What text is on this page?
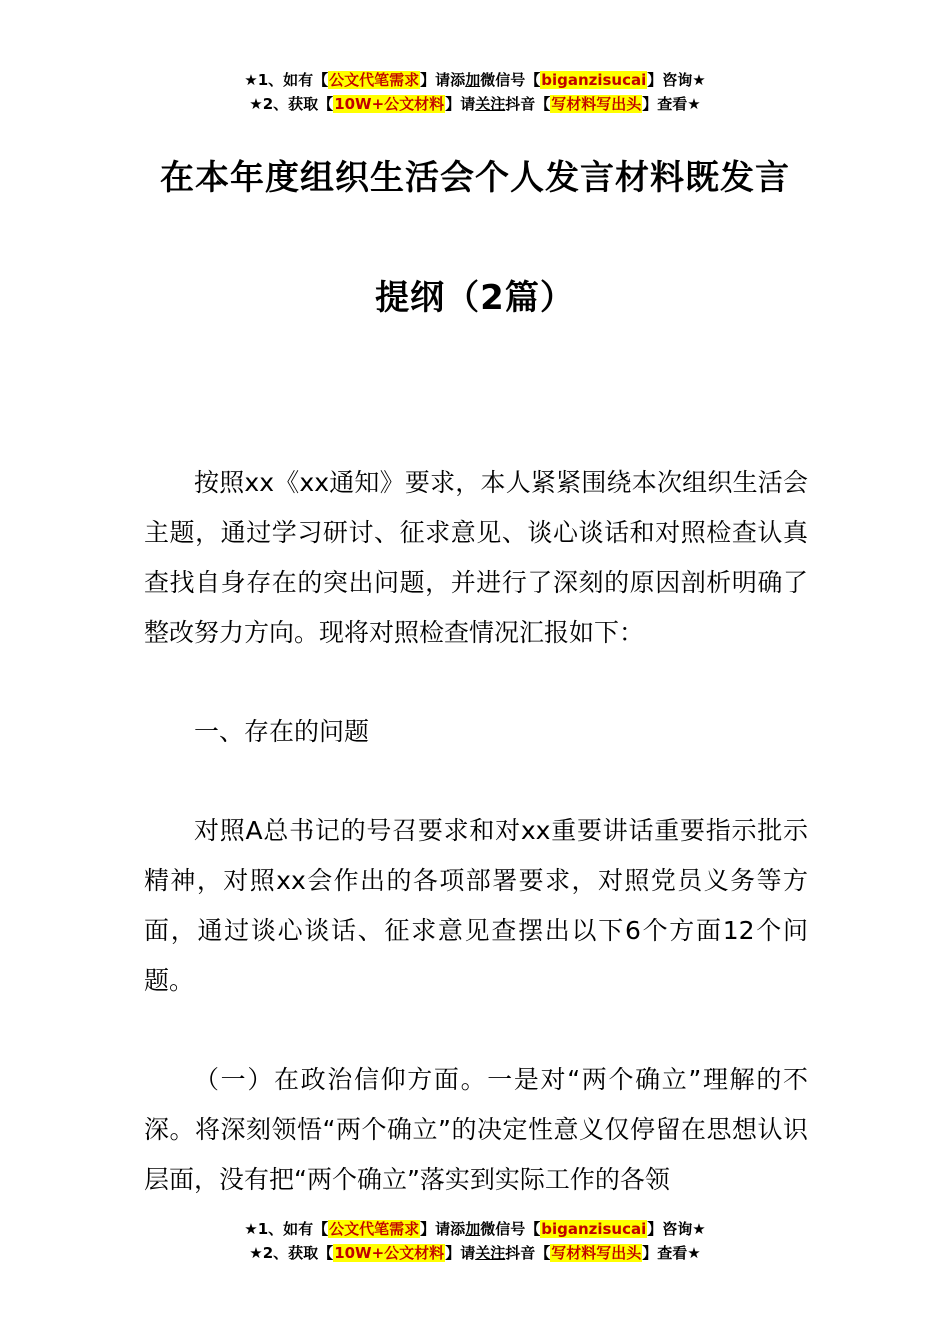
★1、如有【公文代笔需求】请添加微信号【biganzisucai】咨询★
★2、获取【10W+公文材料】请关注抖音【写材料写出头】查看★
在本年度组织生活会个人发言材料既发言
提纲（2篇）

按照xx《xx通知》要求，本人紧紧围绕本次组织生活会主题，通过学习研讨、征求意见、谈心谈话和对照检查认真查找自身存在的突出问题，并进行了深刻的原因剖析明确了整改努力方向。现将对照检查情况汇报如下：

一、存在的问题

对照A总书记的号召要求和对xx重要讲话重要指示批示精神，对照xx会作出的各项部署要求，对照党员义务等方面，通过谈心谈话、征求意见查摆出以下6个方面12个问题。

（一）在政治信仰方面。一是对“两个确立”理解的不深。将深刻领悟“两个确立”的决定性意义仅停留在思想认识层面，没有把“两个确立”落实到实际工作的各领

★1、如有【公文代笔需求】请添加微信号【biganzisucai】咨询★
★2、获取【10W+公文材料】请关注抖音【写材料写出头】查看★
